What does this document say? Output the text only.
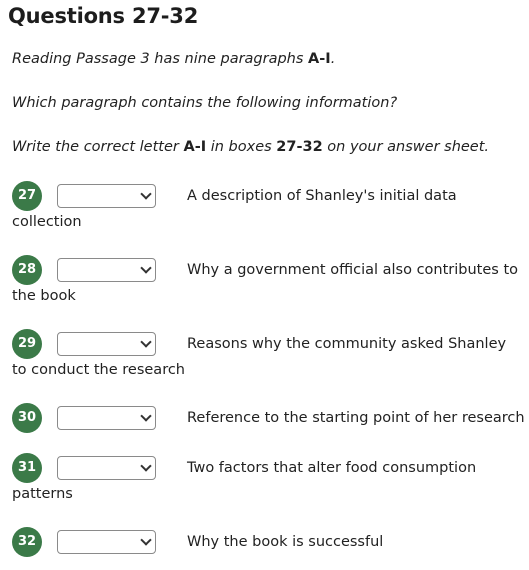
Questions 27-32
Reading Passage 3 has nine paragraphs A-I.
Which paragraph contains the following information?
Write the correct letter A-I in boxes 27-32 on your answer sheet.
27	A description of Shanley's initial data
collection
28	Why a government official also contributes to
the book
29	Reasons why the community asked Shanley
to conduct the research
30	Reference to the starting point of her research
31	Two factors that alter food consumption
patterns
32	Why the book is successful
